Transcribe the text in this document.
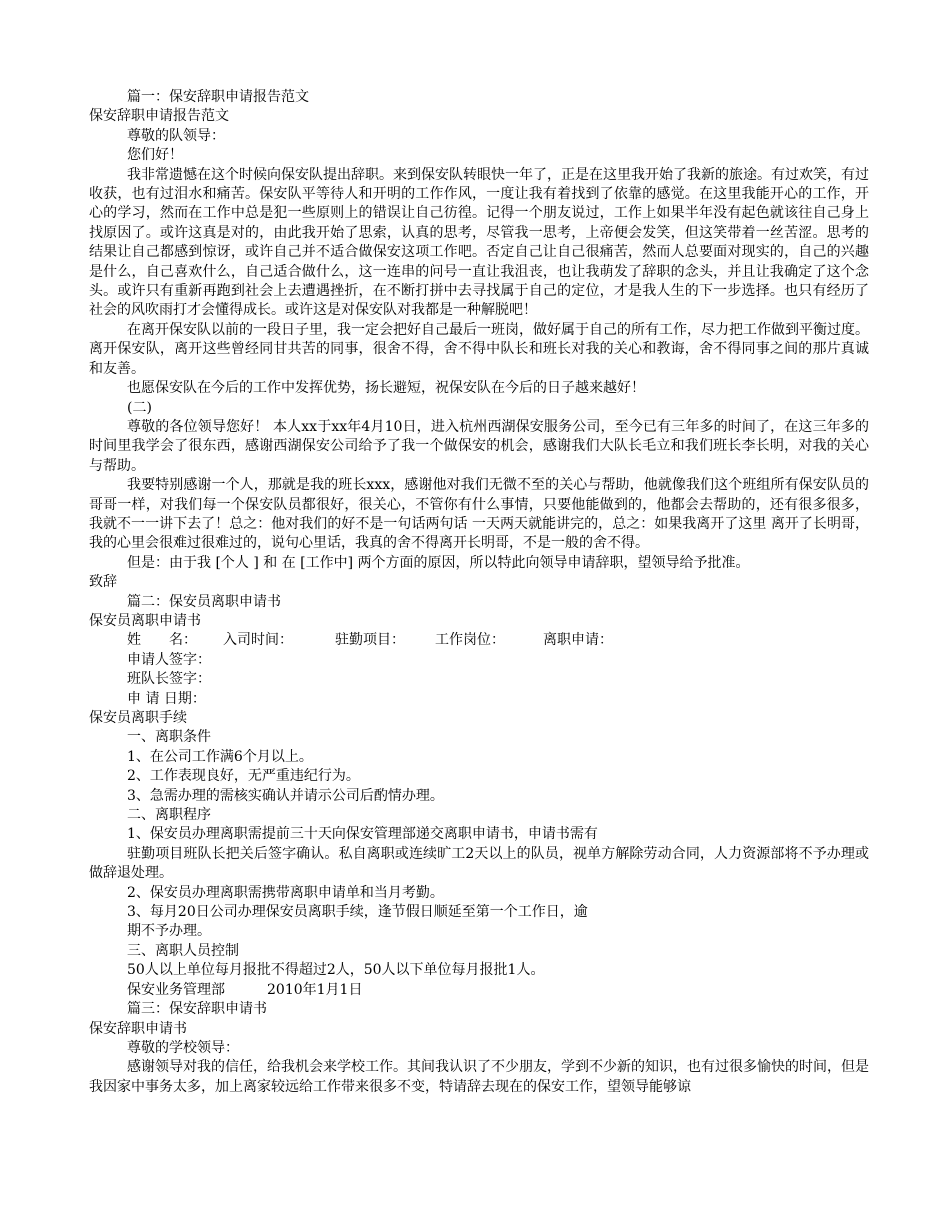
篇一：保安辞职申请报告范文

保安辞职申请报告范文

尊敬的队领导：

您们好！

我非常遗憾在这个时候向保安队提出辞职。来到保安队转眼快一年了，正是在这里我开始了我新的旅途。有过欢笑，有过收获，也有过泪水和痛苦。保安队平等待人和开明的工作作风，一度让我有着找到了依靠的感觉。在这里我能开心的工作，开心的学习，然而在工作中总是犯一些原则上的错误让自己彷徨。记得一个朋友说过，工作上如果半年没有起色就该往自己身上找原因了。或许这真是对的，由此我开始了思索，认真的思考，尽管我一思考，上帝便会发笑，但这笑带着一丝苦涩。思考的结果让自己都感到惊讶，或许自己并不适合做保安这项工作吧。否定自己让自己很痛苦，然而人总要面对现实的，自己的兴趣是什么，自己喜欢什么，自己适合做什么，这一连串的问号一直让我沮丧，也让我萌发了辞职的念头，并且让我确定了这个念头。或许只有重新再跑到社会上去遭遇挫折，在不断打拼中去寻找属于自己的定位，才是我人生的下一步选择。也只有经历了社会的风吹雨打才会懂得成长。或许这是对保安队对我都是一种解脱吧！

在离开保安队以前的一段日子里，我一定会把好自己最后一班岗，做好属于自己的所有工作，尽力把工作做到平衡过度。

离开保安队，离开这些曾经同甘共苦的同事，很舍不得，舍不得中队长和班长对我的关心和教诲，舍不得同事之间的那片真诚和友善。

也愿保安队在今后的工作中发挥优势，扬长避短，祝保安队在今后的日子越来越好！

(二)

尊敬的各位领导您好！ 本人xx于xx年4月10日，进入杭州西湖保安服务公司，至今已有三年多的时间了，在这三年多的时间里我学会了很东西，感谢西湖保安公司给予了我一个做保安的机会，感谢我们大队长毛立和我们班长李长明，对我的关心与帮助。

我要特别感谢一个人，那就是我的班长xxx，感谢他对我们无微不至的关心与帮助，他就像我们这个班组所有保安队员的哥哥一样，对我们每一个保安队员都很好，很关心，不管你有什么事情，只要他能做到的，他都会去帮助的，还有很多很多，我就不一一讲下去了！总之：他对我们的好不是一句话两句话 一天两天就能讲完的，总之：如果我离开了这里 离开了长明哥，我的心里会很难过很难过的，说句心里话，我真的舍不得离开长明哥，不是一般的舍不得。

但是：由于我 [个人 ] 和 在 [工作中] 两个方面的原因，所以特此向领导申请辞职，望领导给予批准。

致辞

篇二：保安员离职申请书

保安员离职申请书

姓　　名： 入司时间：	驻勤项目： 工作岗位：	离职申请：

申请人签字：

班队长签字：

申 请 日期：

保安员离职手续

一、离职条件

1、在公司工作满6个月以上。

2、工作表现良好，无严重违纪行为。

3、急需办理的需核实确认并请示公司后酌情办理。

二、离职程序

1、保安员办理离职需提前三十天向保安管理部递交离职申请书，申请书需有

驻勤项目班队长把关后签字确认。私自离职或连续旷工2天以上的队员，视单方解除劳动合同，人力资源部将不予办理或做辞退处理。

2、保安员办理离职需携带离职申请单和当月考勤。

3、每月20日公司办理保安员离职手续，逢节假日顺延至第一个工作日，逾

期不予办理。

三、离职人员控制

50人以上单位每月报批不得超过2人，50人以下单位每月报批1人。

保安业务管理部　　　2010年1月1日

篇三：保安辞职申请书

保安辞职申请书

尊敬的学校领导：

感谢领导对我的信任，给我机会来学校工作。其间我认识了不少朋友，学到不少新的知识，也有过很多愉快的时间，但是我因家中事务太多，加上离家较远给工作带来很多不变，特请辞去现在的保安工作，望领导能够谅
